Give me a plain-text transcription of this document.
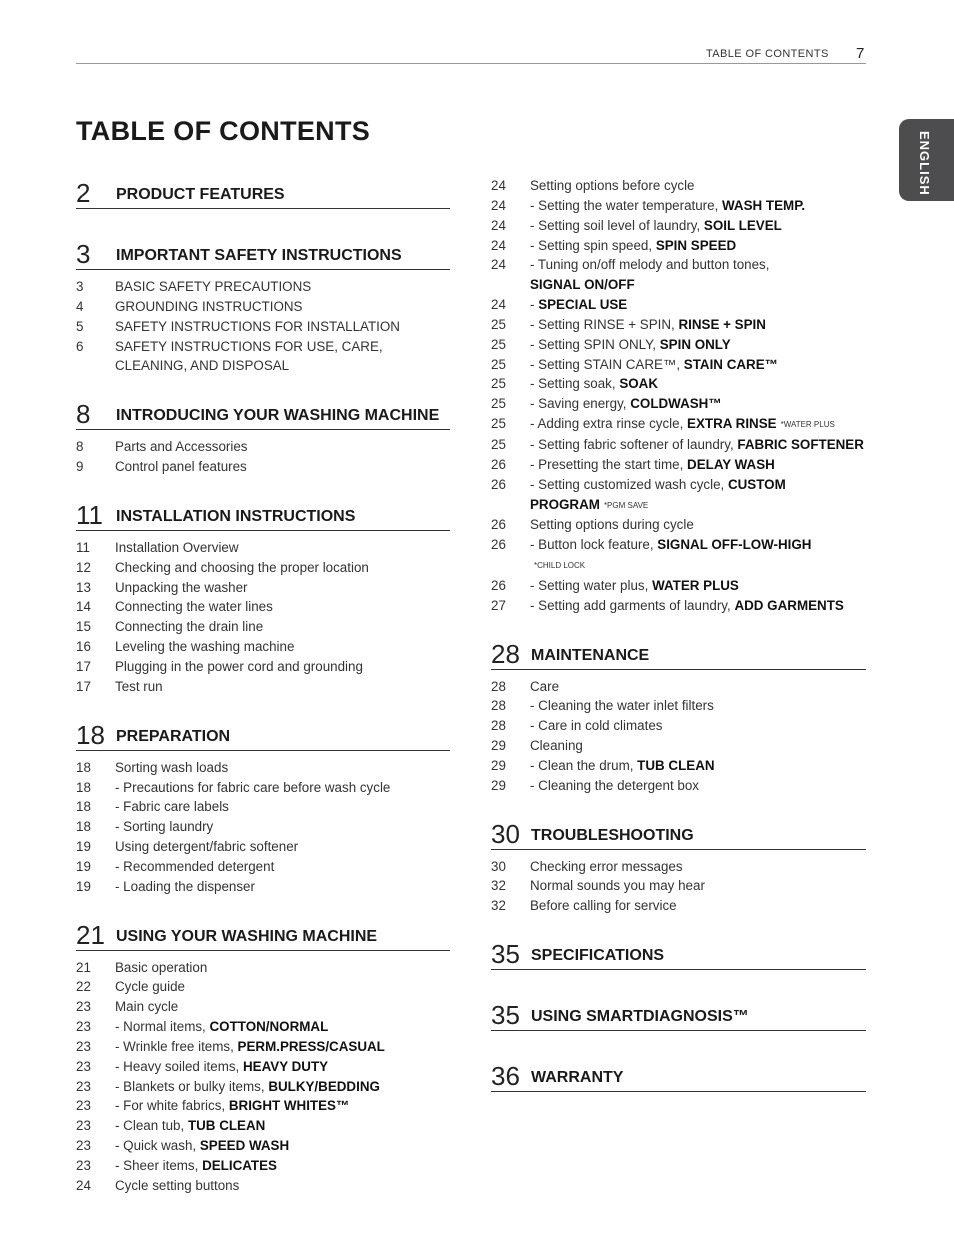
TABLE OF CONTENTS 7
ENGLISH
TABLE OF CONTENTS
2 PRODUCT FEATURES
3 IMPORTANT SAFETY INSTRUCTIONS
3	BASIC SAFETY PRECAUTIONS
4	GROUNDING INSTRUCTIONS
5	SAFETY INSTRUCTIONS FOR INSTALLATION
6	SAFETY INSTRUCTIONS FOR USE, CARE, CLEANING, AND DISPOSAL
8 INTRODUCING YOUR WASHING MACHINE
8	Parts and Accessories
9	Control panel features
11 INSTALLATION INSTRUCTIONS
11	Installation Overview
12	Checking and choosing the proper location
13	Unpacking the washer
14	Connecting the water lines
15	Connecting the drain line
16	Leveling the washing machine
17	Plugging in the power cord and grounding
17	Test run
18 PREPARATION
18	Sorting wash loads
18	- Precautions for fabric care before wash cycle
18	- Fabric care labels
18	- Sorting laundry
19	Using detergent/fabric softener
19	- Recommended detergent
19	- Loading the dispenser
21 USING YOUR WASHING MACHINE
21	Basic operation
22	Cycle guide
23	Main cycle
23	- Normal items, COTTON/NORMAL
23	- Wrinkle free items, PERM.PRESS/CASUAL
23	- Heavy soiled items, HEAVY DUTY
23	- Blankets or bulky items, BULKY/BEDDING
23	- For white fabrics, BRIGHT WHITES™
23	- Clean tub, TUB CLEAN
23	- Quick wash, SPEED WASH
23	- Sheer items, DELICATES
24	Cycle setting buttons
24	Setting options before cycle
24	- Setting the water temperature, WASH TEMP.
24	- Setting soil level of laundry, SOIL LEVEL
24	- Setting spin speed, SPIN SPEED
24	- Tuning on/off melody and button tones,
SIGNAL ON/OFF
24	- SPECIAL USE
25	- Setting RINSE + SPIN, RINSE + SPIN
25	- Setting SPIN ONLY, SPIN ONLY
25	- Setting STAIN CARE™, STAIN CARE™
25	- Setting soak, SOAK
25	- Saving energy, COLDWASH™
25	- Adding extra rinse cycle, EXTRA RINSE *WATER PLUS
25	- Setting fabric softener of laundry, FABRIC SOFTENER
26	- Presetting the start time, DELAY WASH
26	- Setting customized wash cycle, CUSTOM
PROGRAM *PGM SAVE
26	Setting options during cycle
26	- Button lock feature, SIGNAL OFF-LOW-HIGH*CHILD LOCK
26	- Setting water plus, WATER PLUS
27	- Setting add garments of laundry, ADD GARMENTS
28 MAINTENANCE
28	Care
28	- Cleaning the water inlet filters
28	- Care in cold climates
29	Cleaning
29	- Clean the drum, TUB CLEAN
29	- Cleaning the detergent box
30 TROUBLESHOOTING
30	Checking error messages
32	Normal sounds you may hear
32	Before calling for service
35 SPECIFICATIONS
35 USING SMARTDIAGNOSIS™
36 WARRANTY
